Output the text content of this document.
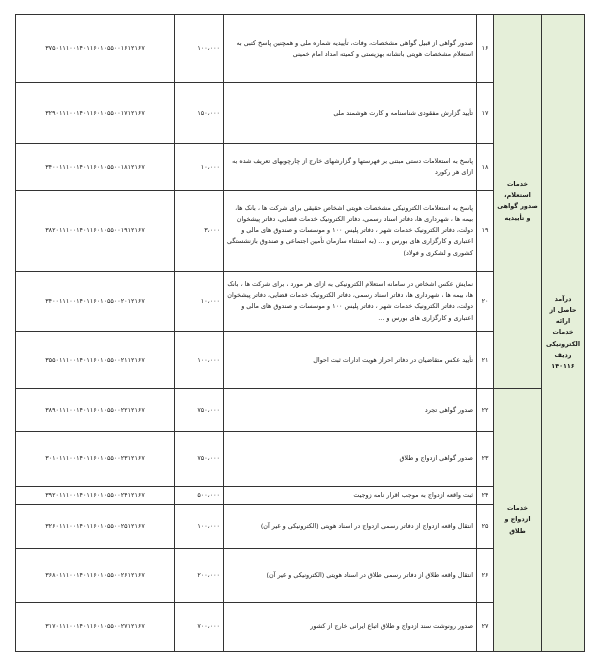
درآمد حاصل از ارائه خدمات الکترونیکی ردیف ۱۴۰۱۱۶	خدمات استعلام، صدور گواهی و تأییدیه	۱۶	صدور گواهی از قبیل گواهی مشخصات، وفات، تأییدیه شماره ملی و همچنین پاسخ کتبی به استعلام مشخصات هویتی بانشانه بهزیستی و کمیته امداد امام خمینی	۱۰۰،۰۰۰	۳۷۵۰۱۱۱۰۰۱۴۰۱۱۶۰۱۰۵۵۰۰۱۶۱۲۱۶۷
		۱۷	تأیید گزارش مفقودی شناسنامه و کارت هوشمند ملی	۱۵۰،۰۰۰	۳۲۹۰۱۱۱۰۰۱۴۰۱۱۶۰۱۰۵۵۰۰۱۷۱۲۱۶۷
		۱۸	پاسخ به استعلامات دستی مبتنی بر فهرستها و گزارشهای خارج از چارچوبهای تعریف شده به ازای هر رکورد	۱۰،۰۰۰	۳۴۰۰۱۱۱۰۰۱۴۰۱۱۶۰۱۰۵۵۰۰۱۸۱۲۱۶۷
		۱۹	پاسخ به استعلامات الکترونیکی مشخصات هویتی اشخاص حقیقی برای شرکت ها ، بانک ها، بیمه ها ، شهرداری ها، دفاتر اسناد رسمی، دفاتر الکترونیک خدمات قضایی، دفاتر پیشخوان دولت، دفاتر الکترونیک خدمات شهر ، دفاتر پلیس ۱۰۰ و موسسات و صندوق های مالی و اعتباری و کارگزاری های بورس و ... (به استثناء سازمان تأمین اجتماعی و صندوق بازنشستگی کشوری و لشکری و فولاد)	۳،۰۰۰	۳۸۲۰۱۱۱۰۰۱۴۰۱۱۶۰۱۰۵۵۰۰۱۹۱۲۱۶۷
		۲۰	نمایش عکس اشخاص در سامانه استعلام الکترونیکی به ازای هر مورد ، برای شرکت ها ، بانک ها، بیمه ها ، شهرداری ها، دفاتر اسناد رسمی، دفاتر الکترونیک خدمات قضایی، دفاتر پیشخوان دولت، دفاتر الکترونیک خدمات شهر ، دفاتر پلیس ۱۰۰ و موسسات و صندوق های مالی و اعتباری و کارگزاری های بورس و ...	۱۰،۰۰۰	۳۴۰۰۱۱۱۰۰۱۴۰۱۱۶۰۱۰۵۵۰۰۲۰۱۲۱۶۷
		۲۱	تأیید عکس متقاضیان در دفاتر احراز هویت ادارات ثبت احوال	۱۰۰،۰۰۰	۳۵۵۰۱۱۱۰۰۱۴۰۱۱۶۰۱۰۵۵۰۰۲۱۱۲۱۶۷
	خدمات ازدواج و طلاق	۲۲	صدور گواهی تجرد	۷۵۰،۰۰۰	۳۸۹۰۱۱۱۰۰۱۴۰۱۱۶۰۱۰۵۵۰۰۲۲۱۲۱۶۷
		۲۳	صدور گواهی ازدواج و طلاق	۷۵۰،۰۰۰	۳۰۱۰۱۱۱۰۰۱۴۰۱۱۶۰۱۰۵۵۰۰۲۳۱۲۱۶۷
		۲۴	ثبت واقعه ازدواج به موجب اقرار نامه زوجیت	۵۰۰،۰۰۰	۳۹۲۰۱۱۱۰۰۱۴۰۱۱۶۰۱۰۵۵۰۰۲۴۱۲۱۶۷
		۲۵	انتقال واقعه ازدواج از دفاتر رسمی ازدواج در اسناد هویتی (الکترونیکی و غیر آن)	۱۰۰،۰۰۰	۳۲۶۰۱۱۱۰۰۱۴۰۱۱۶۰۱۰۵۵۰۰۲۵۱۲۱۶۷
		۲۶	انتقال واقعه طلاق از دفاتر رسمی طلاق در اسناد هویتی (الکترونیکی و غیر آن)	۲۰۰،۰۰۰	۳۶۸۰۱۱۱۰۰۱۴۰۱۱۶۰۱۰۵۵۰۰۲۶۱۲۱۶۷
		۲۷	صدور رونوشت سند ازدواج و طلاق اتباع ایرانی خارج از کشور	۷۰۰،۰۰۰	۳۱۷۰۱۱۱۰۰۱۴۰۱۱۶۰۱۰۵۵۰۰۲۷۱۲۱۶۷
